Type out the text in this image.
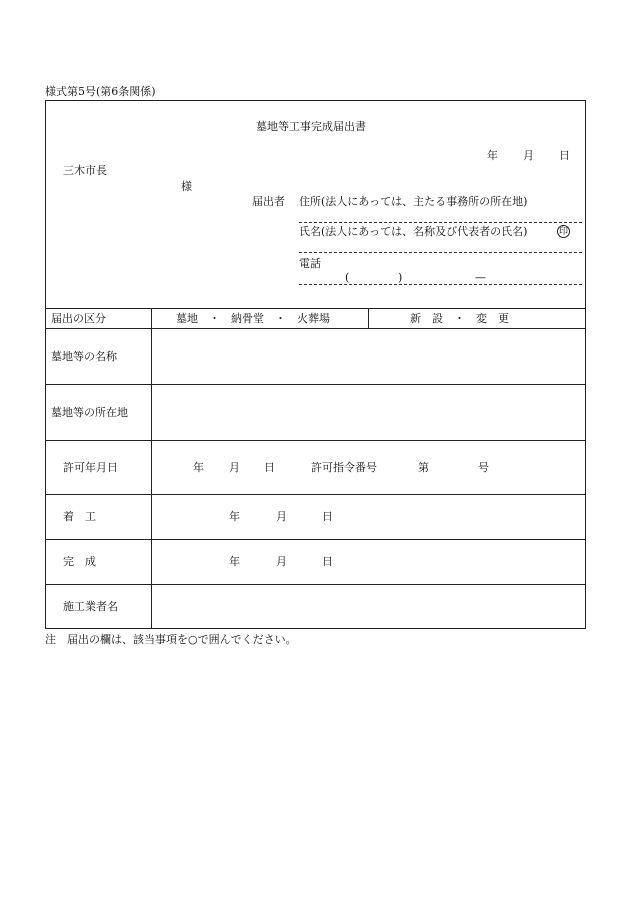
様式第5号(第6条関係)
墓地等工事完成届出書
年 月 日
三木市長
様
届出者 住所(法人にあっては、主たる事務所の所在地)
氏名(法人にあっては、名称及び代表者の氏名)	印
電話
(	)	—
届出の区分	墓地　・　納骨堂　・　火葬場	新　設　・　変　更
墓地等の名称
墓地等の所在地
許可年月日	年 月 日	許可指令番号	第	号
着　工	年	月	日
完　成	年	月	日
施工業者名
注　届出の欄は、該当事項を○で囲んでください。
